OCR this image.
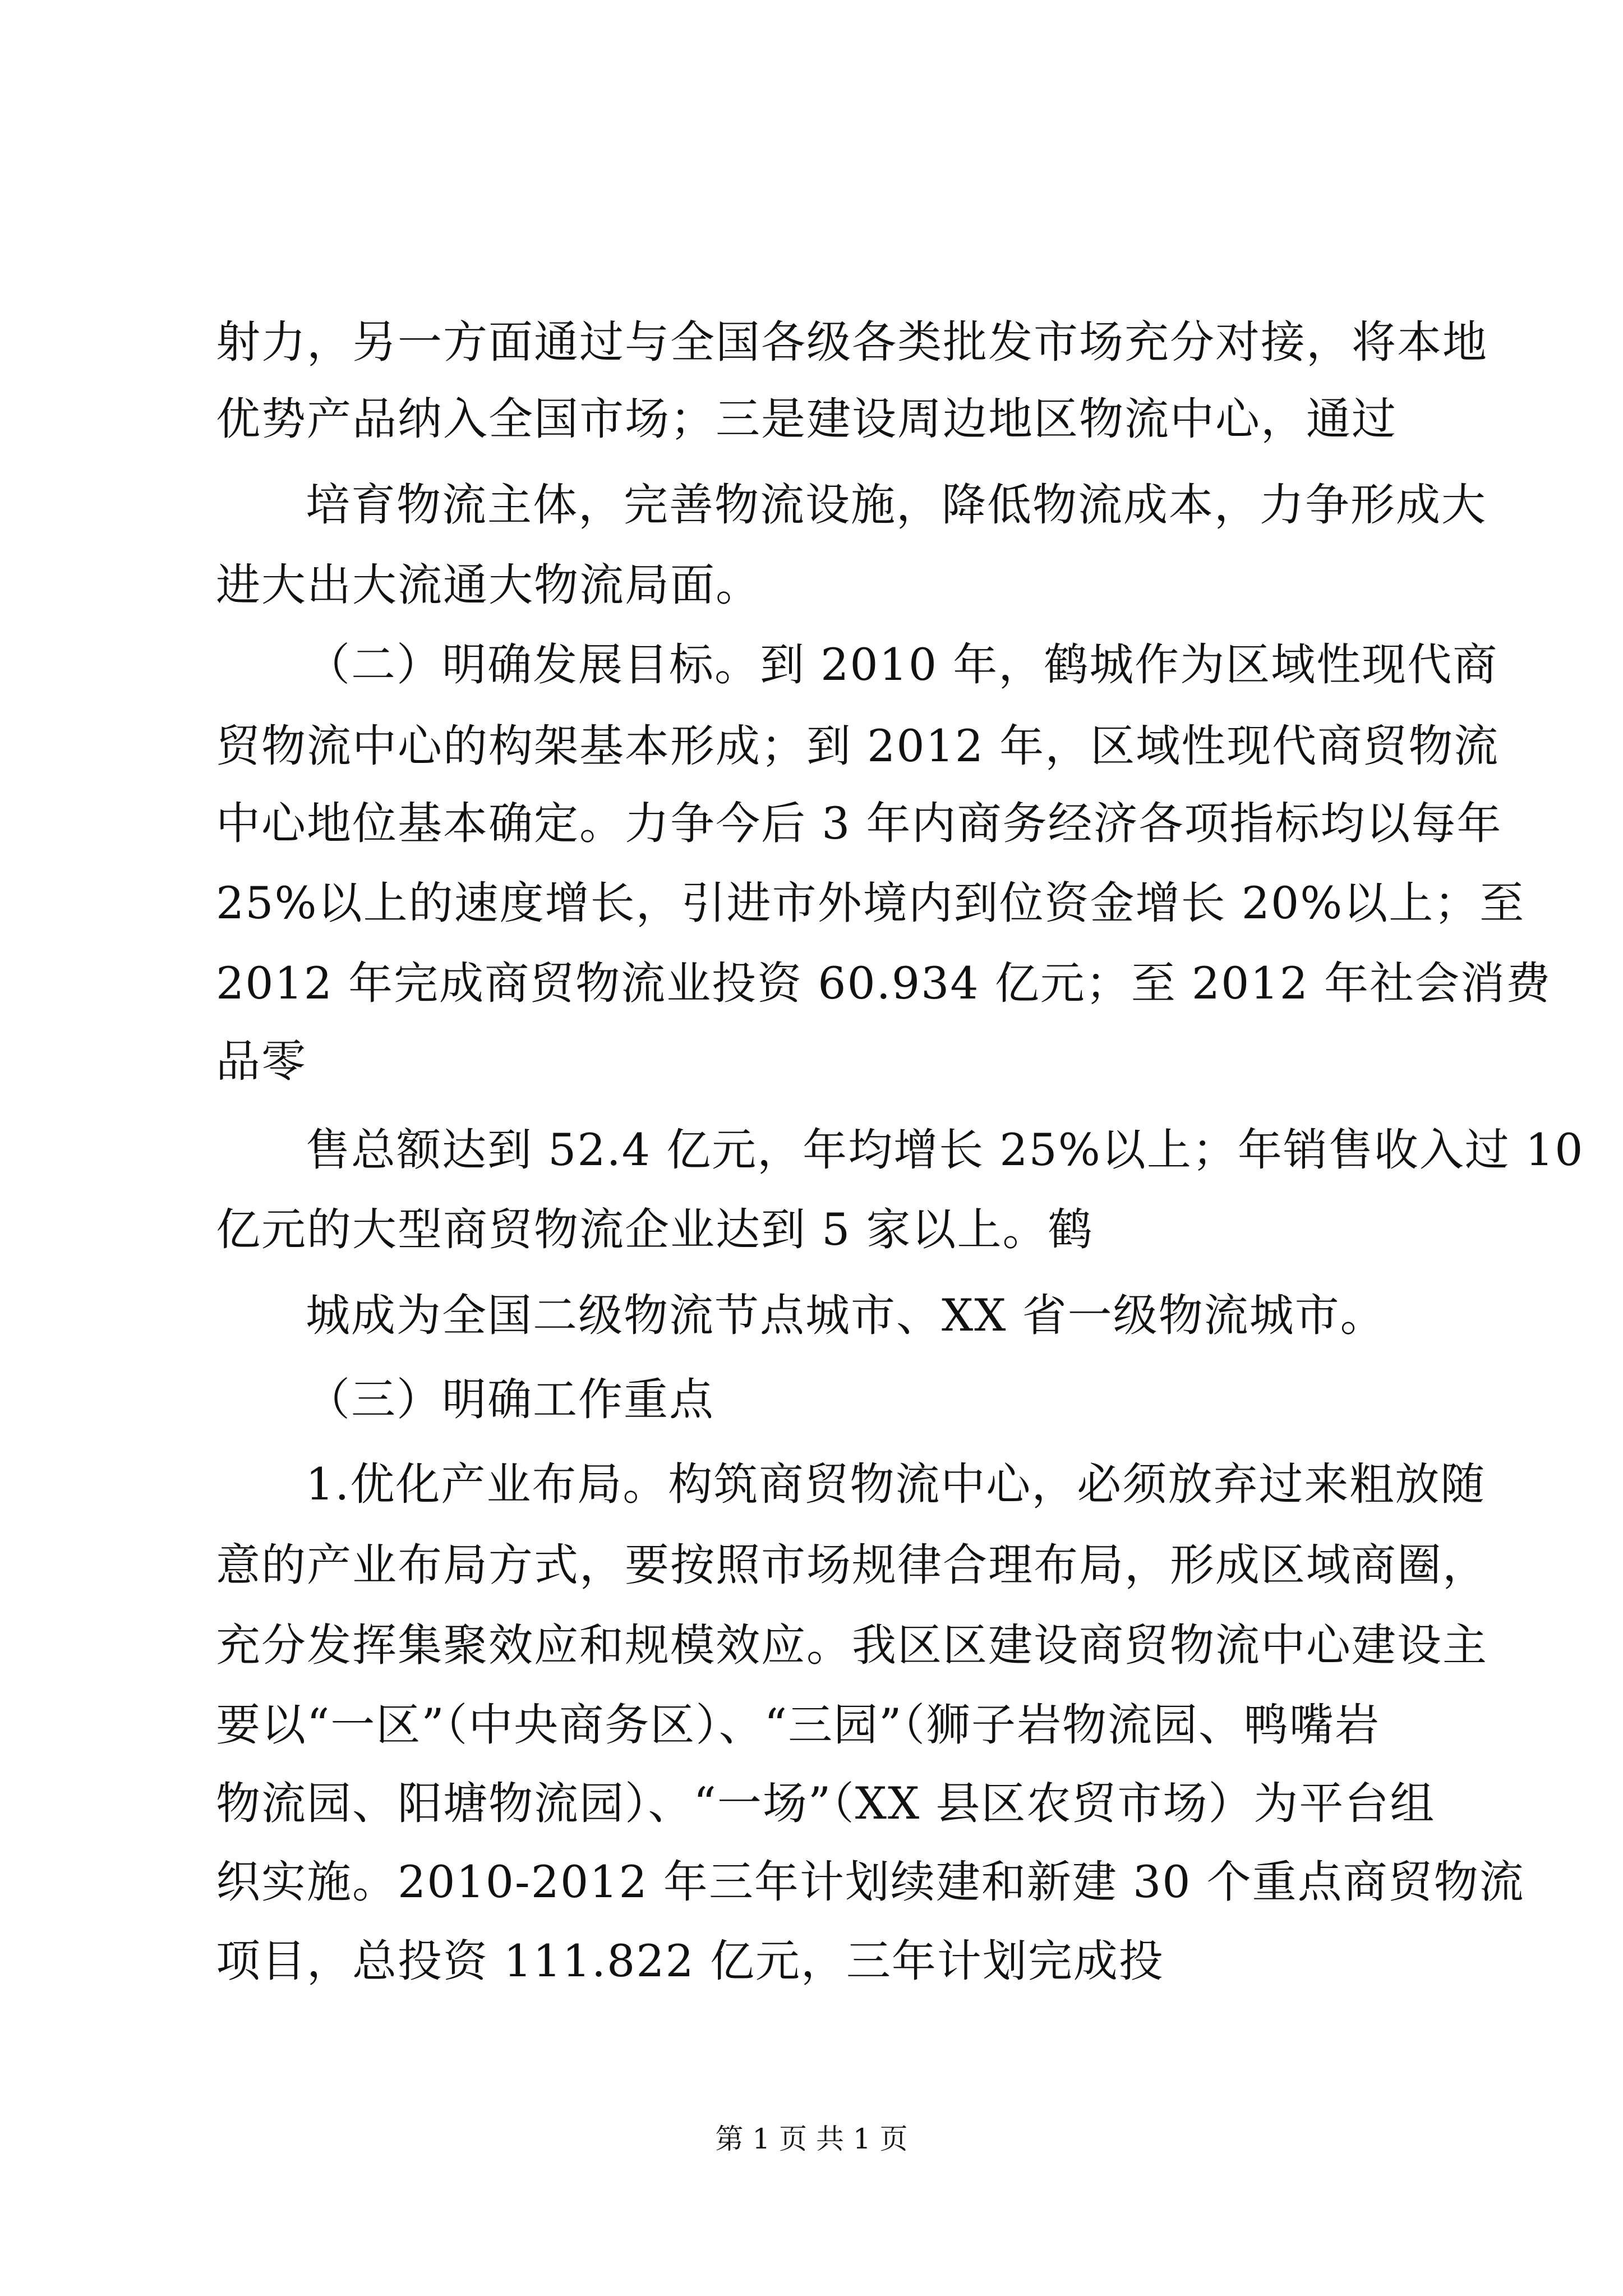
射力，另一方面通过与全国各级各类批发市场充分对接，将本地
优势产品纳入全国市场；三是建设周边地区物流中心，通过
培育物流主体，完善物流设施，降低物流成本，力争形成大
进大出大流通大物流局面。
（二）明确发展目标。到 2010 年，鹤城作为区域性现代商
贸物流中心的构架基本形成；到 2012 年，区域性现代商贸物流
中心地位基本确定。力争今后 3 年内商务经济各项指标均以每年
25%以上的速度增长，引进市外境内到位资金增长 20%以上；至
2012 年完成商贸物流业投资 60.934 亿元；至 2012 年社会消费
品零
售总额达到 52.4 亿元，年均增长 25%以上；年销售收入过 10
亿元的大型商贸物流企业达到 5 家以上。鹤
城成为全国二级物流节点城市、XX 省一级物流城市。
（三）明确工作重点
1.优化产业布局。构筑商贸物流中心，必须放弃过来粗放随
意的产业布局方式，要按照市场规律合理布局，形成区域商圈，
充分发挥集聚效应和规模效应。我区区建设商贸物流中心建设主
要以“一区”（中央商务区）、“三园”（狮子岩物流园、鸭嘴岩
物流园、阳塘物流园）、“一场”（XX 县区农贸市场）为平台组
织实施。2010-2012 年三年计划续建和新建 30 个重点商贸物流
项目，总投资 111.822 亿元，三年计划完成投
第 1 页 共 1 页
